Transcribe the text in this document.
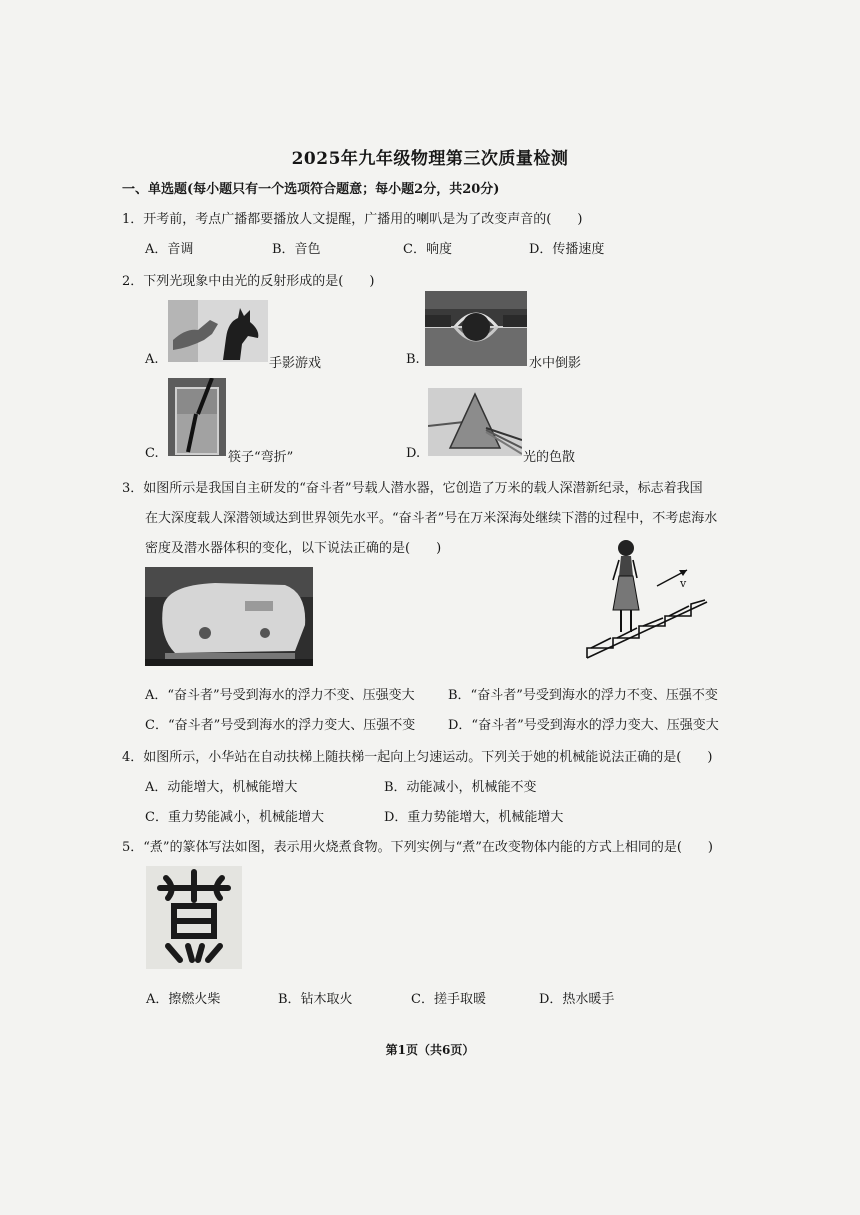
2025年九年级物理第三次质量检测
一、单选题(每小题只有一个选项符合题意；每小题2分，共20分)
1．开考前，考点广播都要播放人文提醒，广播用的喇叭是为了改变声音的(　　)
A．音调	B．音色	C．响度	D．传播速度
2．下列光现象中由光的反射形成的是(　　)
A.	手影游戏	B.	水中倒影
C.	筷子“弯折”	D.	光的色散
3．如图所示是我国自主研发的“奋斗者”号载人潜水器，它创造了万米的载人深潜新纪录，标志着我国
在大深度载人深潜领域达到世界领先水平。“奋斗者”号在万米深海处继续下潜的过程中，不考虑海水
密度及潜水器体积的变化，以下说法正确的是(　　)
v
A．“奋斗者”号受到海水的浮力不变、压强变大	B．“奋斗者”号受到海水的浮力不变、压强不变
C．“奋斗者”号受到海水的浮力变大、压强不变	D．“奋斗者”号受到海水的浮力变大、压强变大
4．如图所示，小华站在自动扶梯上随扶梯一起向上匀速运动。下列关于她的机械能说法正确的是(　　)
A．动能增大，机械能增大	B．动能减小，机械能不变
C．重力势能减小，机械能增大	D．重力势能增大，机械能增大
5．“煮”的篆体写法如图，表示用火烧煮食物。下列实例与“煮”在改变物体内能的方式上相同的是(　　)
A．擦燃火柴	B．钻木取火	C．搓手取暖	D．热水暖手
第1页（共6页）
